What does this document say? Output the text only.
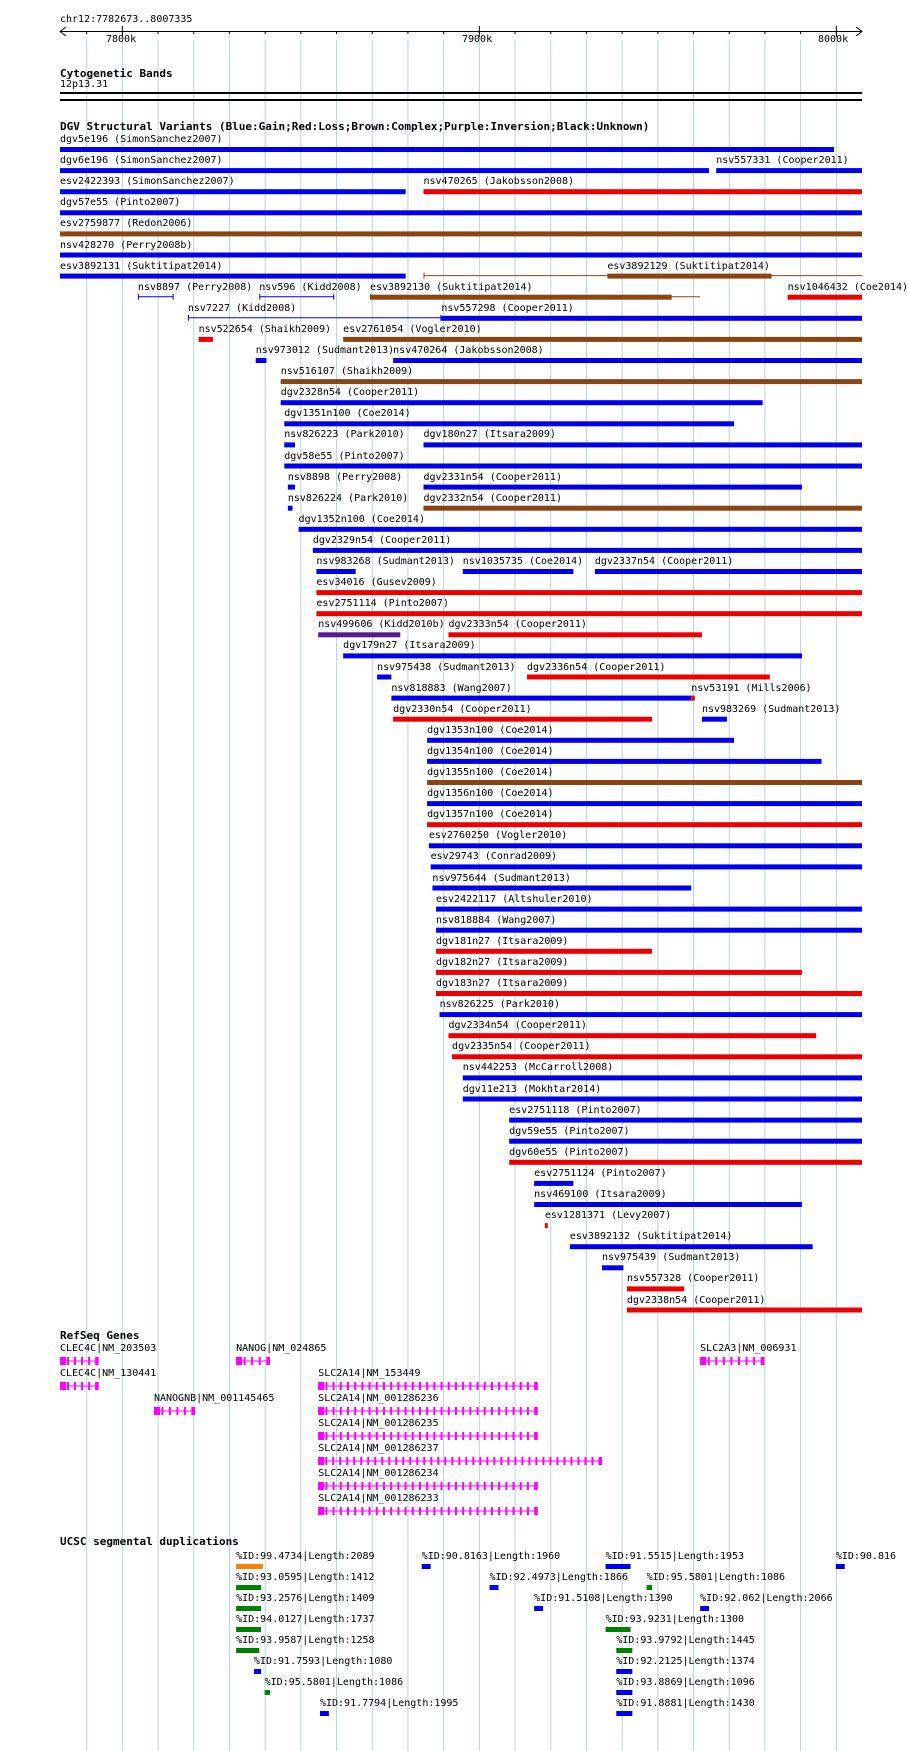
chr12:7782673..8007335
7800k	7900k	8000k
Cytogenetic Bands
12p13.31
DGV Structural Variants (Blue:Gain;Red:Loss;Brown:Complex;Purple:Inversion;Black:Unknown)
RefSeq Genes
UCSC segmental duplications
dgv5e196 (SimonSanchez2007)
dgv6e196 (SimonSanchez2007)	nsv557331 (Cooper2011)
esv2422393 (SimonSanchez2007)	nsv470265 (Jakobsson2008)
dgv57e55 (Pinto2007)
esv2759877 (Redon2006)
nsv428270 (Perry2008b)
esv3892131 (Suktitipat2014)	esv3892129 (Suktitipat2014)
nsv8897 (Perry2008) nsv596 (Kidd2008) esv3892130 (Suktitipat2014)	nsv1046432 (Coe2014)
nsv7227 (Kidd2008)	nsv557298 (Cooper2011)
nsv522654 (Shaikh2009) esv2761054 (Vogler2010)
nsv973012 (Sudmant2013)
nsv470264 (Jakobsson2008)
nsv516107 (Shaikh2009)
dgv2328n54 (Cooper2011)
dgv1351n100 (Coe2014)
nsv826223 (Park2010) dgv180n27 (Itsara2009)
dgv58e55 (Pinto2007)
nsv8898 (Perry2008) dgv2331n54 (Cooper2011)
nsv826224 (Park2010) dgv2332n54 (Cooper2011)
dgv1352n100 (Coe2014)
dgv2329n54 (Cooper2011)
nsv983268 (Sudmant2013) nsv1035735 (Coe2014) dgv2337n54 (Cooper2011)
esv34016 (Gusev2009)
esv2751114 (Pinto2007)
nsv499606 (Kidd2010b) dgv2333n54 (Cooper2011)
dgv179n27 (Itsara2009)
nsv975438 (Sudmant2013) dgv2336n54 (Cooper2011)
nsv818883 (Wang2007)	nsv53191 (Mills2006)
dgv2330n54 (Cooper2011)	nsv983269 (Sudmant2013)
dgv1353n100 (Coe2014)
dgv1354n100 (Coe2014)
dgv1355n100 (Coe2014)
dgv1356n100 (Coe2014)
dgv1357n100 (Coe2014)
esv2760250 (Vogler2010)
esv29743 (Conrad2009)
nsv975644 (Sudmant2013)
esv2422117 (Altshuler2010)
nsv818884 (Wang2007)
dgv181n27 (Itsara2009)
dgv182n27 (Itsara2009)
dgv183n27 (Itsara2009)
nsv826225 (Park2010)
dgv2334n54 (Cooper2011)
dgv2335n54 (Cooper2011)
nsv442253 (McCarroll2008)
dgv11e213 (Mokhtar2014)
esv2751118 (Pinto2007)
dgv59e55 (Pinto2007)
dgv60e55 (Pinto2007)
esv2751124 (Pinto2007)
nsv469100 (Itsara2009)
esv1281371 (Levy2007)
esv3892132 (Suktitipat2014)
nsv975439 (Sudmant2013)
nsv557328 (Cooper2011)
dgv2338n54 (Cooper2011)
CLEC4C|NM_203503	NANOG|NM_024865	SLC2A3|NM_006931
CLEC4C|NM_130441	SLC2A14|NM_153449
NANOGNB|NM_001145465	SLC2A14|NM_001286236
SLC2A14|NM_001286235
SLC2A14|NM_001286237
SLC2A14|NM_001286234
SLC2A14|NM_001286233
%ID:99.4734|Length:2089	%ID:90.8163|Length:1960	%ID:91.5515|Length:1953	%ID:90.816
%ID:93.0595|Length:1412	%ID:92.4973|Length:1866 %ID:95.5801|Length:1086
%ID:93.2576|Length:1409	%ID:91.5108|Length:1390	%ID:92.062|Length:2066
%ID:94.0127|Length:1737	%ID:93.9231|Length:1300
%ID:93.9587|Length:1258	%ID:93.9792|Length:1445
%ID:91.7593|Length:1080	%ID:92.2125|Length:1374
%ID:95.5801|Length:1086	%ID:93.8869|Length:1096
%ID:91.7794|Length:1995	%ID:91.8881|Length:1430
